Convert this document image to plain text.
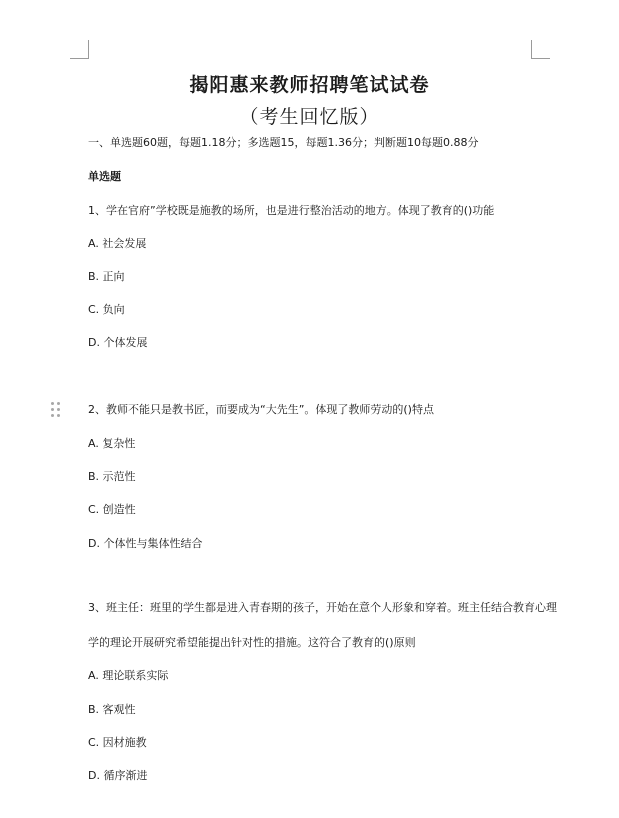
揭阳惠来教师招聘笔试试卷
（考生回忆版）
一、单选题60题，每题1.18分；多选题15，每题1.36分；判断题10每题0.88分
单选题
1、学在官府”学校既是施教的场所，也是进行整治活动的地方。体现了教育的()功能
A. 社会发展
B. 正向
C. 负向
D. 个体发展
2、教师不能只是教书匠，而要成为“大先生”。体现了教师劳动的()特点
A. 复杂性
B. 示范性
C. 创造性
D. 个体性与集体性结合
3、班主任：班里的学生都是进入青春期的孩子，开始在意个人形象和穿着。班主任结合教育心理
学的理论开展研究希望能提出针对性的措施。这符合了教育的()原则
A. 理论联系实际
B. 客观性
C. 因材施教
D. 循序渐进
